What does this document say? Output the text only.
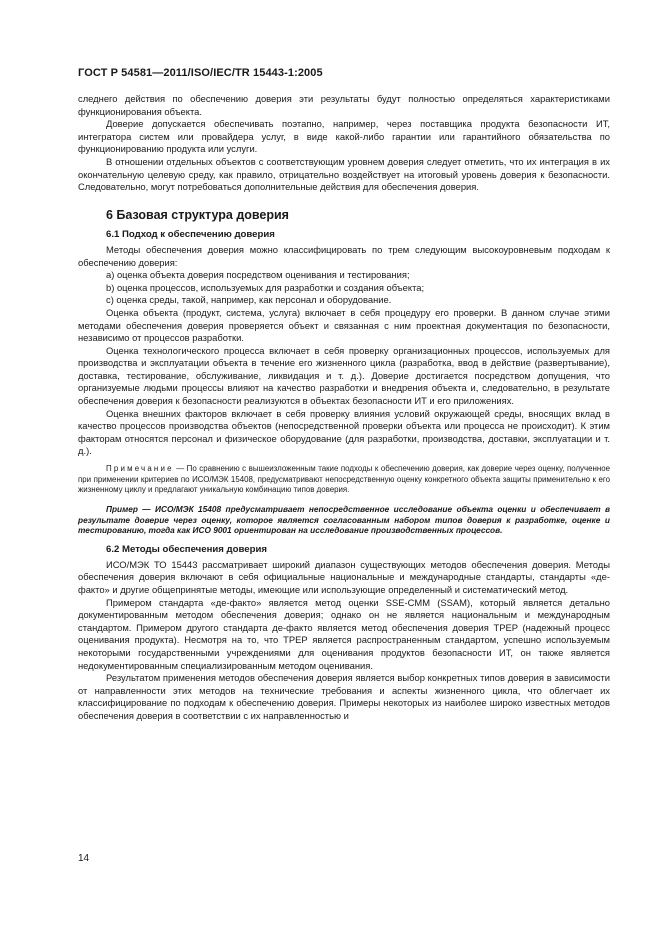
ГОСТ Р 54581—2011/ISO/IEC/TR 15443-1:2005

следнего действия по обеспечению доверия эти результаты будут полностью определяться характеристиками функционирования объекта.

Доверие допускается обеспечивать поэтапно, например, через поставщика продукта безопасности ИТ, интегратора систем или провайдера услуг, в виде какой-либо гарантии или гарантийного обязательства по функционированию продукта или услуги.

В отношении отдельных объектов с соответствующим уровнем доверия следует отметить, что их интеграция в их окончательную целевую среду, как правило, отрицательно воздействует на итоговый уровень доверия к безопасности. Следовательно, могут потребоваться дополнительные действия для обеспечения доверия.

6 Базовая структура доверия
6.1 Подход к обеспечению доверия

Методы обеспечения доверия можно классифицировать по трем следующим высокоуровневым подходам к обеспечению доверия:

a) оценка объекта доверия посредством оценивания и тестирования;

b) оценка процессов, используемых для разработки и создания объекта;

c) оценка среды, такой, например, как персонал и оборудование.

Оценка объекта (продукт, система, услуга) включает в себя процедуру его проверки. В данном случае этими методами обеспечения доверия проверяется объект и связанная с ним проектная документация по безопасности, независимо от процессов разработки.

Оценка технологического процесса включает в себя проверку организационных процессов, используемых для производства и эксплуатации объекта в течение его жизненного цикла (разработка, ввод в действие (развертывание), доставка, тестирование, обслуживание, ликвидация и т. д.). Доверие достигается посредством допущения, что организуемые людьми процессы влияют на качество разработки и внедрения объекта и, следовательно, в результате обеспечения доверия к безопасности реализуются в объектах безопасности ИТ и его приложениях.

Оценка внешних факторов включает в себя проверку влияния условий окружающей среды, вносящих вклад в качество процессов производства объектов (непосредственной проверки объекта или процесса не происходит). К этим факторам относятся персонал и физическое оборудование (для разработки, производства, доставки, эксплуатации и т. д.).

Примечание — По сравнению с вышеизложенным такие подходы к обеспечению доверия, как доверие через оценку, полученное при применении критериев по ИСО/МЭК 15408, предусматривают непосредственную оценку конкретного объекта защиты применительно к его жизненному циклу и предлагают уникальную комбинацию типов доверия.

Пример — ИСО/МЭК 15408 предусматривает непосредственное исследование объекта оценки и обеспечивает в результате доверие через оценку, которое является согласованным набором типов доверия к разработке, оценке и тестированию, тогда как ИСО 9001 ориентирован на исследование производственных процессов.

6.2 Методы обеспечения доверия

ИСО/МЭК ТО 15443 рассматривает широкий диапазон существующих методов обеспечения доверия. Методы обеспечения доверия включают в себя официальные национальные и международные стандарты, стандарты «де-факто» и другие общепринятые методы, имеющие или использующие определенный и систематический метод.

Примером стандарта «де-факто» является метод оценки SSE-CMM (SSAM), который является детально документированным методом обеспечения доверия; однако он не является национальным и международным стандартом. Примером другого стандарта де-факто является метод обеспечения доверия TPEP (надежный процесс оценивания продукта). Несмотря на то, что TPEP является распространенным стандартом, успешно используемым некоторыми государственными учреждениями для оценивания продуктов безопасности ИТ, он также является недокументированным специализированным методом оценивания.

Результатом применения методов обеспечения доверия является выбор конкретных типов доверия в зависимости от направленности этих методов на технические требования и аспекты жизненного цикла, что облегчает их классифицирование по подходам к обеспечению доверия. Примеры некоторых из наиболее широко известных методов обеспечения доверия в соответствии с их направленностью и

14
